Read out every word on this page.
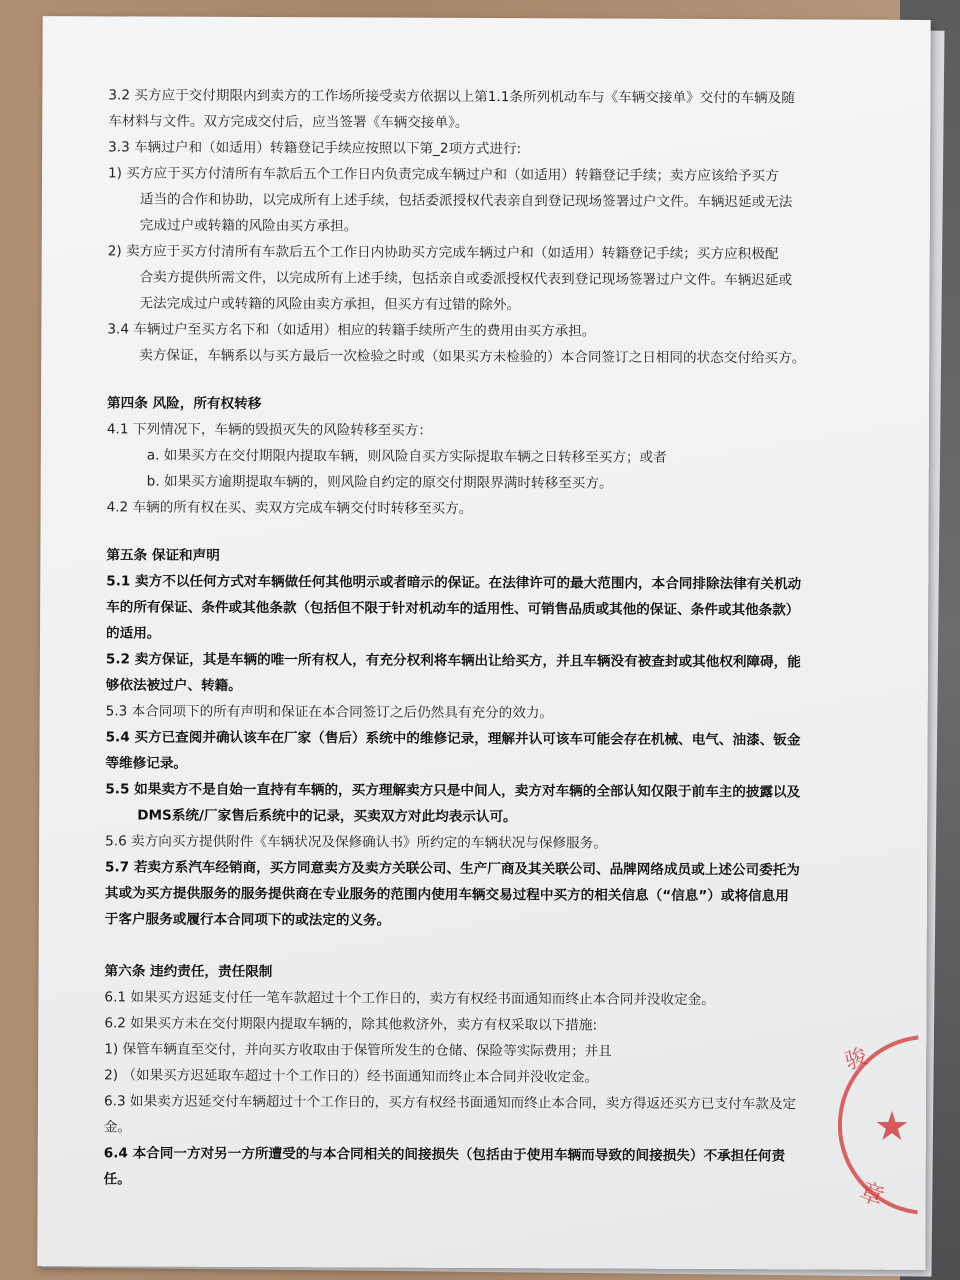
3.2 买方应于交付期限内到卖方的工作场所接受卖方依据以上第1.1条所列机动车与《车辆交接单》交付的车辆及随
车材料与文件。双方完成交付后，应当签署《车辆交接单》。
3.3 车辆过户和（如适用）转籍登记手续应按照以下第_2项方式进行:
1) 买方应于买方付清所有车款后五个工作日内负责完成车辆过户和（如适用）转籍登记手续；卖方应该给予买方
适当的合作和协助，以完成所有上述手续，包括委派授权代表亲自到登记现场签署过户文件。车辆迟延或无法
完成过户或转籍的风险由买方承担。
2) 卖方应于买方付清所有车款后五个工作日内协助买方完成车辆过户和（如适用）转籍登记手续；买方应积极配
合卖方提供所需文件，以完成所有上述手续，包括亲自或委派授权代表到登记现场签署过户文件。车辆迟延或
无法完成过户或转籍的风险由卖方承担，但买方有过错的除外。
3.4 车辆过户至买方名下和（如适用）相应的转籍手续所产生的费用由买方承担。
卖方保证，车辆系以与买方最后一次检验之时或（如果买方未检验的）本合同签订之日相同的状态交付给买方。
第四条 风险，所有权转移
4.1 下列情况下，车辆的毁损灭失的风险转移至买方：
a. 如果买方在交付期限内提取车辆，则风险自买方实际提取车辆之日转移至买方；或者
b. 如果买方逾期提取车辆的，则风险自约定的原交付期限界满时转移至买方。
4.2 车辆的所有权在买、卖双方完成车辆交付时转移至买方。
第五条 保证和声明
5.1 卖方不以任何方式对车辆做任何其他明示或者暗示的保证。在法律许可的最大范围内，本合同排除法律有关机动
车的所有保证、条件或其他条款（包括但不限于针对机动车的适用性、可销售品质或其他的保证、条件或其他条款）
的适用。
5.2 卖方保证，其是车辆的唯一所有权人，有充分权利将车辆出让给买方，并且车辆没有被查封或其他权利障碍，能
够依法被过户、转籍。
5.3 本合同项下的所有声明和保证在本合同签订之后仍然具有充分的效力。
5.4 买方已查阅并确认该车在厂家（售后）系统中的维修记录，理解并认可该车可能会存在机械、电气、油漆、钣金
等维修记录。
5.5 如果卖方不是自始一直持有车辆的，买方理解卖方只是中间人，卖方对车辆的全部认知仅限于前车主的披露以及
DMS系统/厂家售后系统中的记录，买卖双方对此均表示认可。
5.6 卖方向买方提供附件《车辆状况及保修确认书》所约定的车辆状况与保修服务。
5.7 若卖方系汽车经销商，买方同意卖方及卖方关联公司、生产厂商及其关联公司、品牌网络成员或上述公司委托为
其或为买方提供服务的服务提供商在专业服务的范围内使用车辆交易过程中买方的相关信息（“信息”）或将信息用
于客户服务或履行本合同项下的或法定的义务。
第六条 违约责任，责任限制
6.1 如果买方迟延支付任一笔车款超过十个工作日的，卖方有权经书面通知而终止本合同并没收定金。
6.2 如果买方未在交付期限内提取车辆的，除其他救济外，卖方有权采取以下措施:
1) 保管车辆直至交付，并向买方收取由于保管所发生的仓储、保险等实际费用；并且
2) （如果买方迟延取车超过十个工作日的）经书面通知而终止本合同并没收定金。
6.3 如果卖方迟延交付车辆超过十个工作日的，买方有权经书面通知而终止本合同，卖方得返还买方已支付车款及定
金。
6.4 本合同一方对另一方所遭受的与本合同相关的间接损失（包括由于使用车辆而导致的间接损失）不承担任何责
任。
骏
★
章
